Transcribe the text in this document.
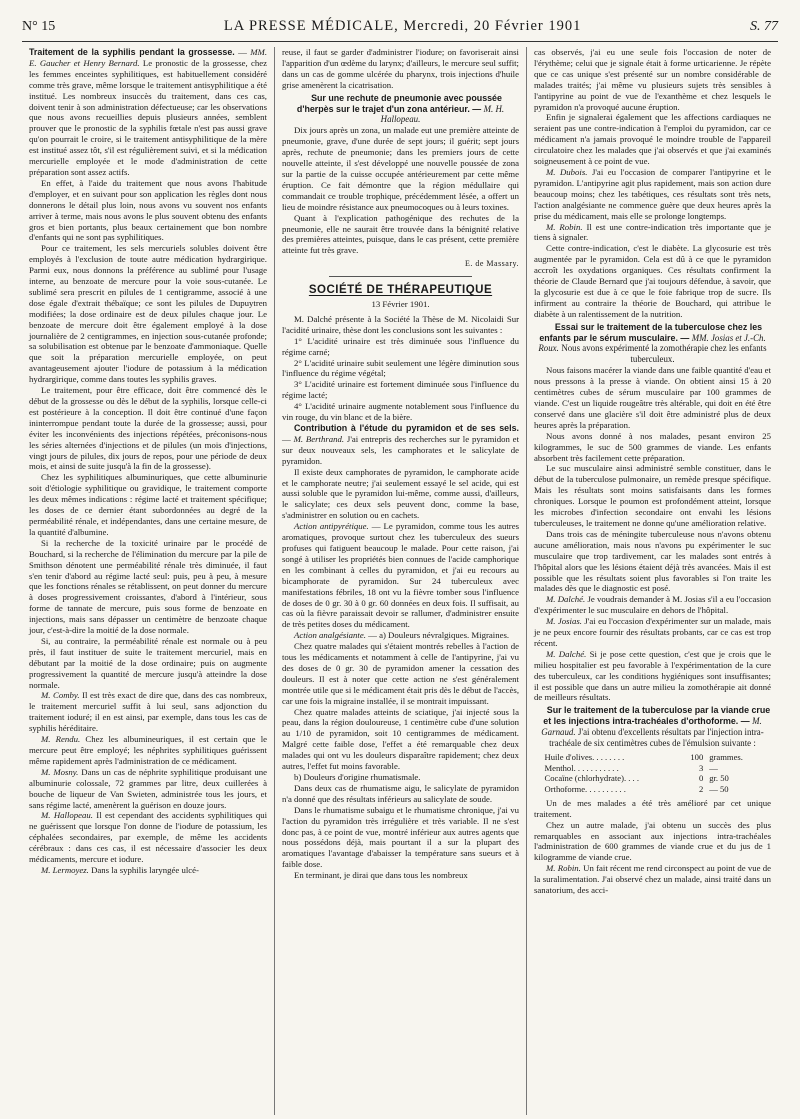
N° 15	LA PRESSE MÉDICALE, Mercredi, 20 Février 1901	S. 77

Traitement de la syphilis pendant la grossesse. — MM. E. Gaucher et Henry Bernard. Le pronostic de la grossesse, chez les femmes enceintes syphilitiques, est habituellement considéré comme très grave, même lorsque le traitement antisyphilitique a été institué. Les nombreux insuccès du traitement, dans ces cas, doivent tenir à son administration défectueuse; car les observations que nous avons recueillies depuis plusieurs années, semblent prouver que le pronostic de la syphilis fœtale n'est pas aussi grave qu'on pourrait le croire, si le traitement antisyphilitique de la mère est institué assez tôt, s'il est régulièrement suivi, et si la médication mercurielle employée et le mode d'administration de cette préparation sont assez actifs.

En effet, à l'aide du traitement que nous avons l'habitude d'employer, et en suivant pour son application les règles dont nous donnerons le détail plus loin, nous avons vu souvent nos enfants arriver à terme, mais nous avons le plus souvent obtenu des enfants gros et bien portants, plus beaux certainement que bon nombre d'enfants qui ne sont pas syphilitiques.

Pour ce traitement, les sels mercuriels solubles doivent être employés à l'exclusion de toute autre médication hydrargirique. Parmi eux, nous donnons la préférence au sublimé pour l'usage interne, au benzoate de mercure pour la voie sous-cutanée. Le sublimé sera prescrit en pilules de 1 centigramme, associé à une dose égale d'extrait thébaïque; ce sont les pilules de Dupuytren modifiées; la dose ordinaire est de deux pilules chaque jour. Le benzoate de mercure doit être également employé à la dose journalière de 2 centigrammes, en injection sous-cutanée profonde; sa solubilisation est obtenue par le benzoate d'ammoniaque. Quelle que soit la préparation mercurielle employée, on peut avantageusement ajouter l'iodure de potassium à la médication hydrargirique, comme dans toutes les syphilis graves.

Le traitement, pour être efficace, doit être commencé dès le début de la grossesse ou dès le début de la syphilis, lorsque celle-ci est postérieure à la conception. Il doit être continué d'une façon ininterrompue pendant toute la durée de la grossesse; aussi, pour éviter les inconvénients des injections répétées, préconisons-nous les séries alternées d'injections et de pilules (un mois d'injections, vingt jours de pilules, dix jours de repos, pour une période de deux mois, et ainsi de suite jusqu'à la fin de la grossesse).

Chez les syphilitiques albuminuriques, que cette albuminurie soit d'étiologie syphilitique ou gravidique, le traitement comporte les deux mêmes indications : régime lacté et traitement spécifique; les doses de ce dernier étant subordonnées au degré de la perméabilité rénale, et indépendantes, dans une certaine mesure, de la quantité d'albumine.

Si la recherche de la toxicité urinaire par le procédé de Bouchard, si la recherche de l'élimination du mercure par la pile de Smithson dénotent une perméabilité rénale très diminuée, il faut s'en tenir d'abord au régime lacté seul: puis, peu à peu, à mesure que les fonctions rénales se rétablissent, on peut donner du mercure à doses progressivement croissantes, d'abord à l'intérieur, sous forme de tannate de mercure, puis sous forme de benzoate en injections, mais sans dépasser un centimètre de benzoate chaque jour, c'est-à-dire la moitié de la dose normale.

Si, au contraire, la perméabilité rénale est normale ou à peu près, il faut instituer de suite le traitement mercuriel, mais en débutant par la moitié de la dose ordinaire; puis on augmente progressivement la quantité de mercure jusqu'à atteindre la dose normale.

M. Comby. Il est très exact de dire que, dans des cas nombreux, le traitement mercuriel suffit à lui seul, sans adjonction du traitement ioduré; il en est ainsi, par exemple, dans tous les cas de syphilis héréditaire.

M. Rendu. Chez les albumineuriques, il est certain que le mercure peut être employé; les néphrites syphilitiques guérissent même rapidement après l'administration de ce médicament.

M. Mosny. Dans un cas de néphrite syphilitique produisant une albuminurie colossale, 72 grammes par litre, deux cuillerées à bouche de liqueur de Van Swieten, administrée tous les jours, et sans régime lacté, amenèrent la guérison en douze jours.

M. Hallopeau. Il est cependant des accidents syphilitiques qui ne guérissent que lorsque l'on donne de l'iodure de potassium, les céphalées secondaires, par exemple, de même les accidents cérébraux : dans ces cas, il est nécessaire d'associer les deux médicaments, mercure et iodure.

M. Lermoyez. Dans la syphilis laryngée ulcé-

reuse, il faut se garder d'administrer l'iodure; on favoriserait ainsi l'apparition d'un œdème du larynx; d'ailleurs, le mercure seul suffit; dans un cas de gomme ulcérée du pharynx, trois injections d'huile grise amenèrent la cicatrisation.

Sur une rechute de pneumonie avec poussée d'herpès sur le trajet d'un zona antérieur. — M. H. Hallopeau.

Dix jours après un zona, un malade eut une première atteinte de pneumonie, grave, d'une durée de sept jours; il guérit; sept jours après, rechute de pneumonie; dans les premiers jours de cette nouvelle atteinte, il s'est développé une nouvelle poussée de zona sur la partie de la cuisse occupée antérieurement par cette même éruption. Ce fait démontre que la région médullaire qui commandait ce trouble trophique, précédemment lésée, a offert un lieu de moindre résistance aux pneumocoques ou à leurs toxines.

Quant à l'explication pathogénique des rechutes de la pneumonie, elle ne saurait être trouvée dans la bénignité relative des premières atteintes, puisque, dans le cas présent, cette première atteinte fut très grave.

E. de Massary.
SOCIÉTÉ DE THÉRAPEUTIQUE
13 Février 1901.

M. Dalché présente à la Société la Thèse de M. Nicolaidi Sur l'acidité urinaire, thèse dont les conclusions sont les suivantes :

1° L'acidité urinaire est très diminuée sous l'influence du régime carné;

2° L'acidité urinaire subit seulement une légère diminution sous l'influence du régime végétal;

3° L'acidité urinaire est fortement diminuée sous l'influence du régime lacté;

4° L'acidité urinaire augmente notablement sous l'influence du vin rouge, du vin blanc et de la bière.

Contribution à l'étude du pyramidon et de ses sels. — M. Berthrand. J'ai entrepris des recherches sur le pyramidon et sur deux nouveaux sels, les camphorates et le salicylate de pyramidon.

Il existe deux camphorates de pyramidon, le camphorate acide et le camphorate neutre; j'ai seulement essayé le sel acide, qui est aussi soluble que le pyramidon lui-même, comme aussi, d'ailleurs, le salicylate; ces deux sels peuvent donc, comme la base, s'administrer en solution ou en cachets.

Action antipyrétique. — Le pyramidon, comme tous les autres aromatiques, provoque surtout chez les tuberculeux des sueurs profuses qui fatiguent beaucoup le malade. Pour cette raison, j'ai songé à utiliser les propriétés bien connues de l'acide camphorique en les combinant à celles du pyramidon, et j'ai eu recours au bicamphorate de pyramidon. Sur 24 tuberculeux avec manifestations fébriles, 18 ont vu la fièvre tomber sous l'influence de doses de 0 gr. 30 à 0 gr. 60 données en deux fois. Il suffisait, au cas où la fièvre paraissait devoir se rallumer, d'administrer ensuite de très petites doses du médicament.

Action analgésiante. — a) Douleurs névralgiques. Migraines.

Chez quatre malades qui s'étaient montrés rebelles à l'action de tous les médicaments et notamment à celle de l'antipyrine, j'ai vu des doses de 0 gr. 30 de pyramidon amener la cessation des douleurs. Il est à noter que cette action ne s'est généralement montrée utile que si le médicament était pris dès le début de l'accès, car une fois la migraine installée, il se montrait impuissant.

Chez quatre malades atteints de sciatique, j'ai injecté sous la peau, dans la région douloureuse, 1 centimètre cube d'une solution au 1/10 de pyramidon, soit 10 centigrammes de médicament. Malgré cette faible dose, l'effet a été remarquable chez deux malades qui ont vu les douleurs disparaître rapidement; chez deux autres, l'effet fut moins favorable.

b) Douleurs d'origine rhumatismale.

Dans deux cas de rhumatisme aigu, le salicylate de pyramidon n'a donné que des résultats inférieurs au salicylate de soude.

Dans le rhumatisme subaigu et le rhumatisme chronique, j'ai vu l'action du pyramidon très irrégulière et très variable. Il ne s'est donc pas, à ce point de vue, montré inférieur aux autres agents que nous possédons déjà, mais pourtant il a sur la plupart des aromatiques l'avantage d'abaisser la température sans sueurs et à faible dose.

En terminant, je dirai que dans tous les nombreux

cas observés, j'ai eu une seule fois l'occasion de noter de l'érythème; celui que je signale était à forme urticarienne. Je répète que ce cas unique s'est présenté sur un nombre considérable de malades traités; j'ai même vu plusieurs sujets très sensibles à l'antipyrine au point de vue de l'exanthème et chez lesquels le pyramidon n'a provoqué aucune éruption.

Enfin je signalerai également que les affections cardiaques ne seraient pas une contre-indication à l'emploi du pyramidon, car ce médicament n'a jamais provoqué le moindre trouble de l'appareil circulatoire chez les malades que j'ai observés et que j'ai examinés soigneusement à ce point de vue.

M. Dubois. J'ai eu l'occasion de comparer l'antipyrine et le pyramidon. L'antipyrine agit plus rapidement, mais son action dure beaucoup moins; chez les tabétiques, ces résultats sont très nets, l'action analgésiante ne commence guère que deux heures après la prise du médicament, mais elle se prolonge longtemps.

M. Robin. Il est une contre-indication très importante que je tiens à signaler.

Cette contre-indication, c'est le diabète. La glycosurie est très augmentée par le pyramidon. Cela est dû à ce que le pyramidon accroît les oxydations organiques. Ces résultats confirment la théorie de Claude Bernard que j'ai toujours défendue, à savoir, que la glycosurie est due à ce que le foie fabrique trop de sucre. Ils infirment au contraire la théorie de Bouchard, qui attribue le diabète à un ralentissement de la nutrition.

Essai sur le traitement de la tuberculose chez les enfants par le sérum musculaire. — MM. Josias et J.-Ch. Roux. Nous avons expérimenté la zomothérapie chez les enfants tuberculeux.

Nous faisons macérer la viande dans une faible quantité d'eau et nous pressons à la presse à viande. On obtient ainsi 15 à 20 centimètres cubes de sérum musculaire par 100 grammes de viande. C'est un liquide rougeâtre très altérable, qui doit en été être conservé dans une glacière s'il doit être administré plus de deux heures après la préparation.

Nous avons donné à nos malades, pesant environ 25 kilogrammes, le suc de 500 grammes de viande. Les enfants absorbent très facilement cette préparation.

Le suc musculaire ainsi administré semble constituer, dans le début de la tuberculose pulmonaire, un remède presque spécifique. Mais les résultats sont moins satisfaisants dans les formes chroniques. Lorsque le poumon est profondément atteint, lorsque les microbes d'infection secondaire ont envahi les lésions tuberculeuses, le traitement ne donne qu'une amélioration relative.

Dans trois cas de méningite tuberculeuse nous n'avons obtenu aucune amélioration, mais nous n'avons pu expérimenter le suc musculaire que trop tardivement, car les malades sont entrés à l'hôpital alors que les lésions étaient déjà très avancées. Mais il est possible que les résultats soient plus favorables si l'on traite les malades dès que le diagnostic est posé.

M. Dalché. Je voudrais demander à M. Josias s'il a eu l'occasion d'expérimenter le suc musculaire en dehors de l'hôpital.

M. Josias. J'ai eu l'occasion d'expérimenter sur un malade, mais je ne peux encore fournir des résultats probants, car ce cas est trop récent.

M. Dalché. Si je pose cette question, c'est que je crois que le milieu hospitalier est peu favorable à l'expérimentation de la cure des tuberculeux, car les conditions hygiéniques sont insuffisantes; il est possible que dans un autre milieu la zomothérapie ait donné de meilleurs résultats.

Sur le traitement de la tuberculose par la viande crue et les injections intra-trachéales d'orthoforme. — M. Garnaud. J'ai obtenu d'excellents résultats par l'injection intra-trachéale de six centimètres cubes de l'émulsion suivante :

Huile d'olives. . . . . . . .	100	grammes.
Menthol. . . . . . . . . . .	3	—
Cocaïne (chlorhydrate). . . .	0	gr. 50
Orthoforme. . . . . . . . . .	2	— 50

Un de mes malades a été très amélioré par cet unique traitement.

Chez un autre malade, j'ai obtenu un succès des plus remarquables en associant aux injections intra-trachéales l'administration de 600 grammes de viande crue et du jus de 1 kilogramme de viande crue.

M. Robin. Un fait récent me rend circonspect au point de vue de la suralimentation. J'ai observé chez un malade, ainsi traité dans un sanatorium, des acci-
